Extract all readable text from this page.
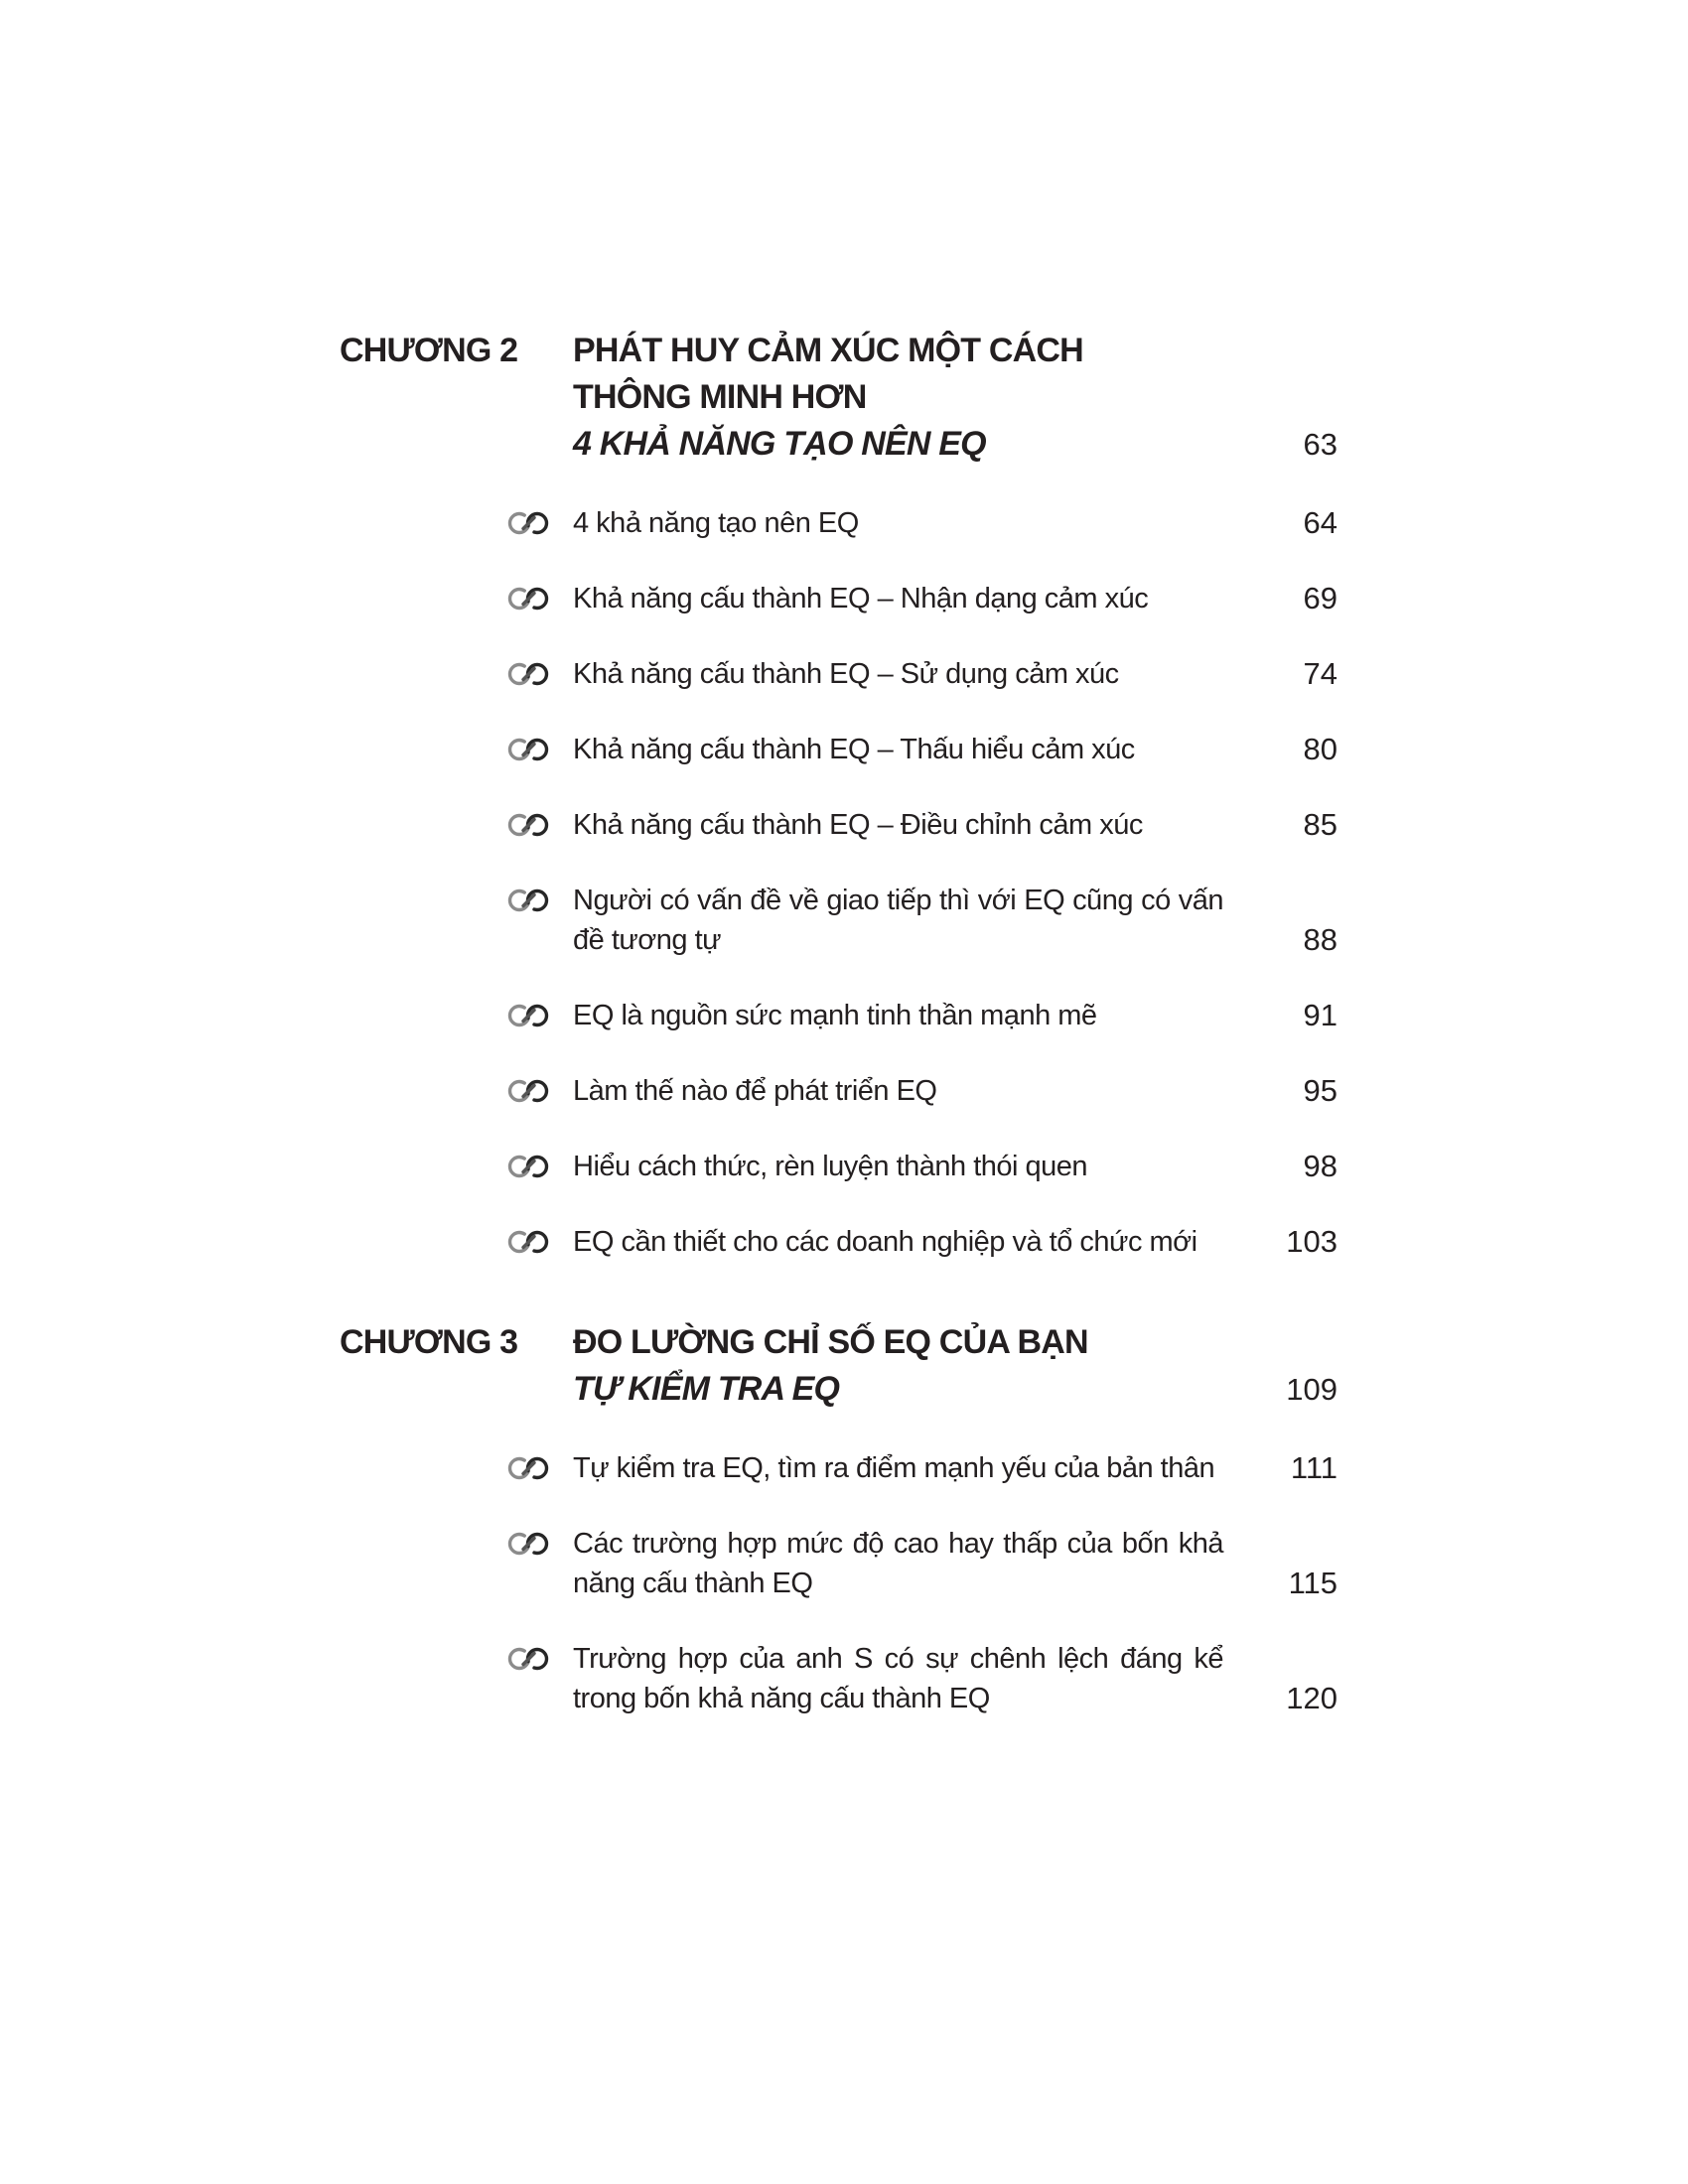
CHƯƠNG 2	PHÁT HUY CẢM XÚC MỘT CÁCH
THÔNG MINH HƠN
4 KHẢ NĂNG TẠO NÊN EQ	63
4 khả năng tạo nên EQ	64
Khả năng cấu thành EQ – Nhận dạng cảm xúc	69
Khả năng cấu thành EQ – Sử dụng cảm xúc	74
Khả năng cấu thành EQ – Thấu hiểu cảm xúc	80
Khả năng cấu thành EQ – Điều chỉnh cảm xúc	85
Người có vấn đề về giao tiếp thì với EQ cũng có vấn đề tương tự	88
EQ là nguồn sức mạnh tinh thần mạnh mẽ	91
Làm thế nào để phát triển EQ	95
Hiểu cách thức, rèn luyện thành thói quen	98
EQ cần thiết cho các doanh nghiệp và tổ chức mới	103
CHƯƠNG 3	ĐO LƯỜNG CHỈ SỐ EQ CỦA BẠN
TỰ KIỂM TRA EQ	109
Tự kiểm tra EQ, tìm ra điểm mạnh yếu của bản thân	111
Các trường hợp mức độ cao hay thấp của bốn khả năng cấu thành EQ	115
Trường hợp của anh S có sự chênh lệch đáng kể trong bốn khả năng cấu thành EQ	120
